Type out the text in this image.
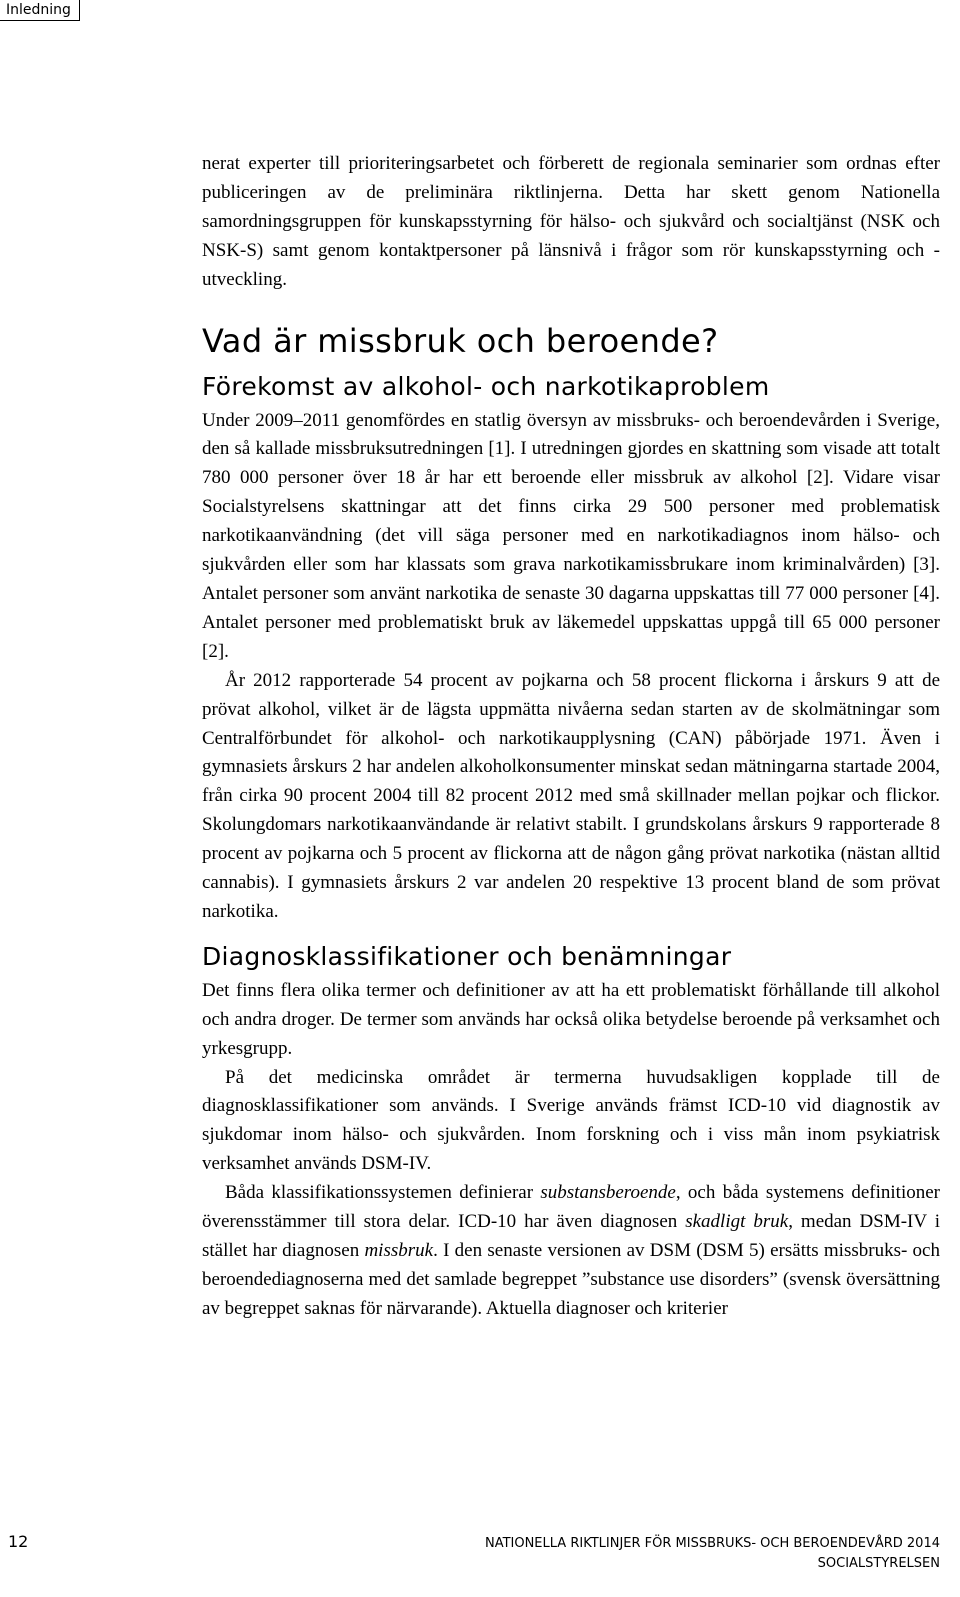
Inledning

nerat experter till prioriteringsarbetet och förberett de regionala seminarier som ordnas efter publiceringen av de preliminära riktlinjerna. Detta har skett genom Nationella samordningsgruppen för kunskapsstyrning för hälso- och sjukvård och socialtjänst (NSK och NSK-S) samt genom kontaktpersoner på länsnivå i frågor som rör kunskapsstyrning och -utveckling.

Vad är missbruk och beroende?
Förekomst av alkohol- och narkotikaproblem

Under 2009–2011 genomfördes en statlig översyn av missbruks- och beroendevården i Sverige, den så kallade missbruksutredningen [1]. I utredningen gjordes en skattning som visade att totalt 780 000 personer över 18 år har ett beroende eller missbruk av alkohol [2]. Vidare visar Socialstyrelsens skattningar att det finns cirka 29 500 personer med problematisk narkotikaanvändning (det vill säga personer med en narkotikadiagnos inom hälso- och sjukvården eller som har klassats som grava narkotikamissbrukare inom kriminalvården) [3]. Antalet personer som använt narkotika de senaste 30 dagarna uppskattas till 77 000 personer [4]. Antalet personer med problematiskt bruk av läkemedel uppskattas uppgå till 65 000 personer [2].

År 2012 rapporterade 54 procent av pojkarna och 58 procent flickorna i årskurs 9 att de prövat alkohol, vilket är de lägsta uppmätta nivåerna sedan starten av de skolmätningar som Centralförbundet för alkohol- och narkotikaupplysning (CAN) påbörjade 1971. Även i gymnasiets årskurs 2 har andelen alkoholkonsumenter minskat sedan mätningarna startade 2004, från cirka 90 procent 2004 till 82 procent 2012 med små skillnader mellan pojkar och flickor. Skolungdomars narkotikaanvändande är relativt stabilt. I grundskolans årskurs 9 rapporterade 8 procent av pojkarna och 5 procent av flickorna att de någon gång prövat narkotika (nästan alltid cannabis). I gymnasiets årskurs 2 var andelen 20 respektive 13 procent bland de som prövat narkotika.

Diagnosklassifikationer och benämningar

Det finns flera olika termer och definitioner av att ha ett problematiskt förhållande till alkohol och andra droger. De termer som används har också olika betydelse beroende på verksamhet och yrkesgrupp.

På det medicinska området är termerna huvudsakligen kopplade till de diagnosklassifikationer som används. I Sverige används främst ICD-10 vid diagnostik av sjukdomar inom hälso- och sjukvården. Inom forskning och i viss mån inom psykiatrisk verksamhet används DSM-IV.

Båda klassifikationssystemen definierar substansberoende, och båda systemens definitioner överensstämmer till stora delar. ICD-10 har även diagnosen skadligt bruk, medan DSM-IV i stället har diagnosen missbruk. I den senaste versionen av DSM (DSM 5) ersätts missbruks- och beroendediagnoserna med det samlade begreppet ”substance use disorders” (svensk översättning av begreppet saknas för närvarande). Aktuella diagnoser och kriterier

12	NATIONELLA RIKTLINJER FÖR MISSBRUKS- OCH BEROENDEVÅRD 2014
SOCIALSTYRELSEN
